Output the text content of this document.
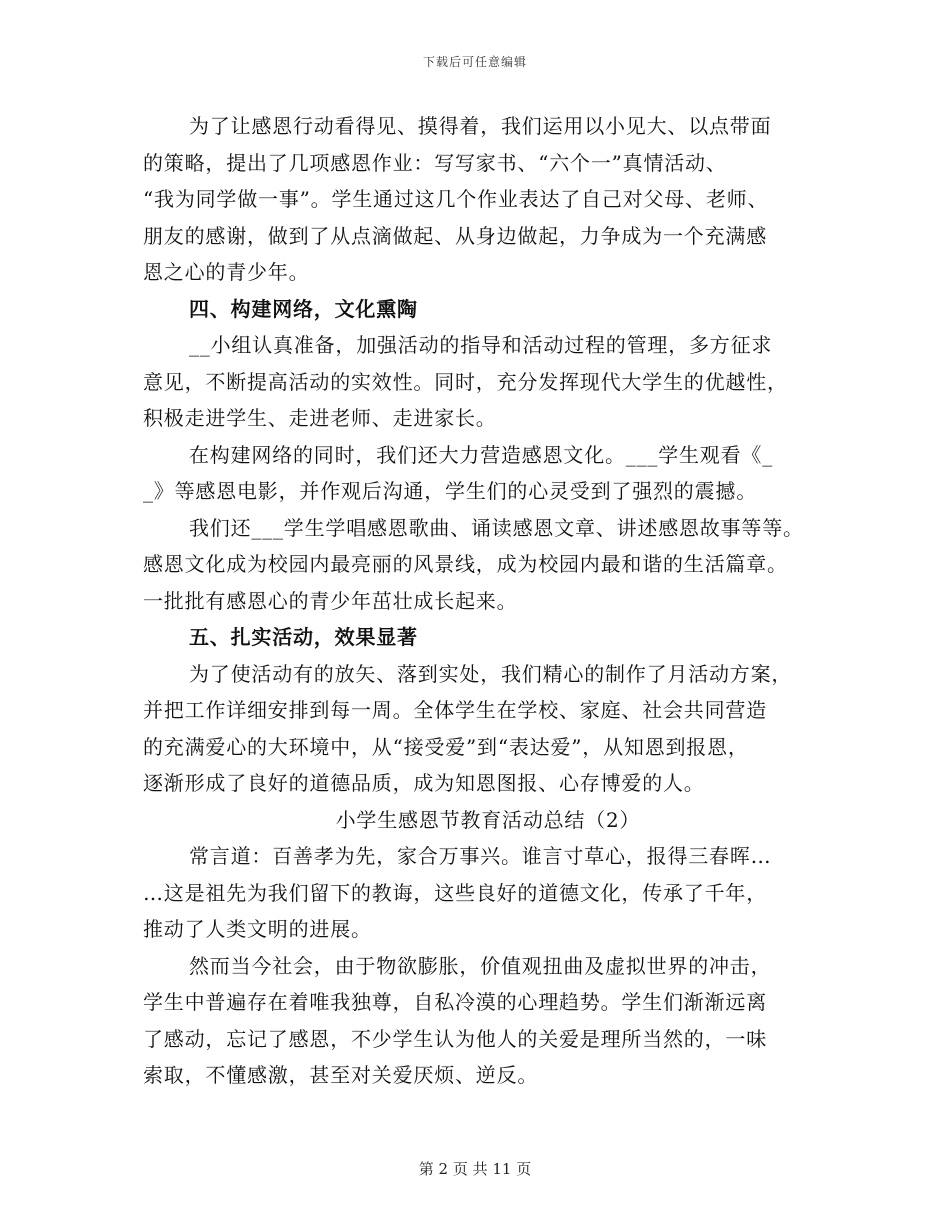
下载后可任意编辑
为了让感恩行动看得见、摸得着，我们运用以小见大、以点带面
的策略，提出了几项感恩作业：写写家书、“六个一”真情活动、
“我为同学做一事”。学生通过这几个作业表达了自己对父母、老师、
朋友的感谢，做到了从点滴做起、从身边做起，力争成为一个充满感
恩之心的青少年。
四、构建网络，文化熏陶
__小组认真准备，加强活动的指导和活动过程的管理，多方征求
意见，不断提高活动的实效性。同时，充分发挥现代大学生的优越性，
积极走进学生、走进老师、走进家长。
在构建网络的同时，我们还大力营造感恩文化。___学生观看《_
_》等感恩电影，并作观后沟通，学生们的心灵受到了强烈的震撼。
我们还___学生学唱感恩歌曲、诵读感恩文章、讲述感恩故事等等。
感恩文化成为校园内最亮丽的风景线，成为校园内最和谐的生活篇章。
一批批有感恩心的青少年茁壮成长起来。
五、扎实活动，效果显著
为了使活动有的放矢、落到实处，我们精心的制作了月活动方案，
并把工作详细安排到每一周。全体学生在学校、家庭、社会共同营造
的充满爱心的大环境中，从“接受爱”到“表达爱”，从知恩到报恩，
逐渐形成了良好的道德品质，成为知恩图报、心存博爱的人。
小学生感恩节教育活动总结（2）
常言道：百善孝为先，家合万事兴。谁言寸草心，报得三春晖…
…这是祖先为我们留下的教诲，这些良好的道德文化，传承了千年，
推动了人类文明的进展。
然而当今社会，由于物欲膨胀，价值观扭曲及虚拟世界的冲击，
学生中普遍存在着唯我独尊，自私冷漠的心理趋势。学生们渐渐远离
了感动，忘记了感恩，不少学生认为他人的关爱是理所当然的，一味
索取，不懂感激，甚至对关爱厌烦、逆反。
第 2 页 共 11 页
